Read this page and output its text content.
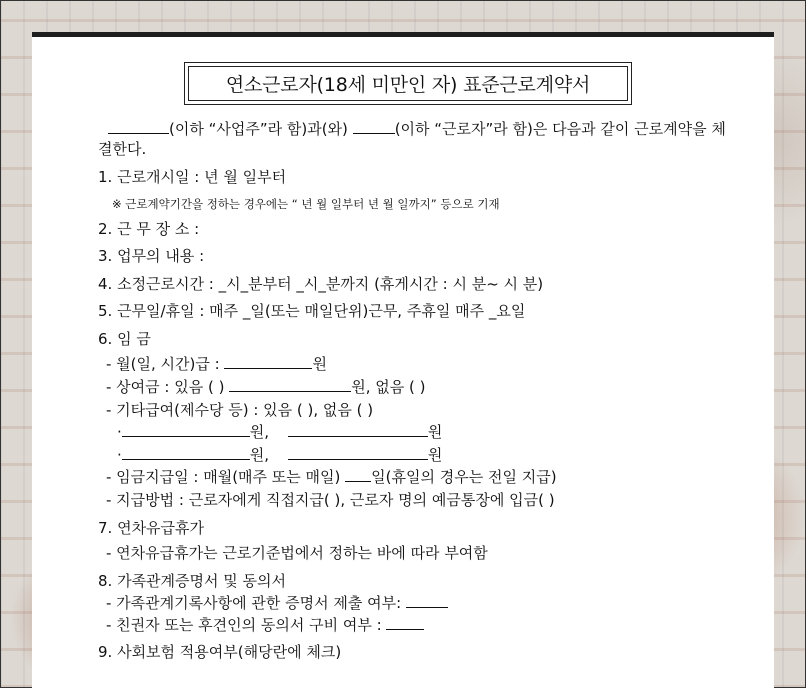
연소근로자(18세 미만인 자) 표준근로계약서
(이하 “사업주”라 함)과(와)	(이하 “근로자”라 함)은 다음과 같이 근로계약을 체
결한다.
1. 근로개시일 : 년 월 일부터
※ 근로계약기간을 정하는 경우에는 “ 년 월 일부터 년 월 일까지” 등으로 기재
2. 근 무 장 소 :
3. 업무의 내용 :
4. 소정근로시간 : _시_분부터 _시_분까지 (휴게시간 : 시 분~ 시 분)
5. 근무일/휴일 : 매주 _일(또는 매일단위)근무, 주휴일 매주 _요일
6. 임 금
- 월(일, 시간)급 :	원
- 상여금 : 있음 ( )	원, 없음 ( )
- 기타급여(제수당 등) : 있음 ( ), 없음 ( )
·	원,	원
·	원,	원
- 임금지급일 : 매월(매주 또는 매일) 일(휴일의 경우는 전일 지급)
- 지급방법 : 근로자에게 직접지급( ), 근로자 명의 예금통장에 입금( )
7. 연차유급휴가
- 연차유급휴가는 근로기준법에서 정하는 바에 따라 부여함
8. 가족관계증명서 및 동의서
- 가족관계기록사항에 관한 증명서 제출 여부:
- 친권자 또는 후견인의 동의서 구비 여부 :
9. 사회보험 적용여부(해당란에 체크)
